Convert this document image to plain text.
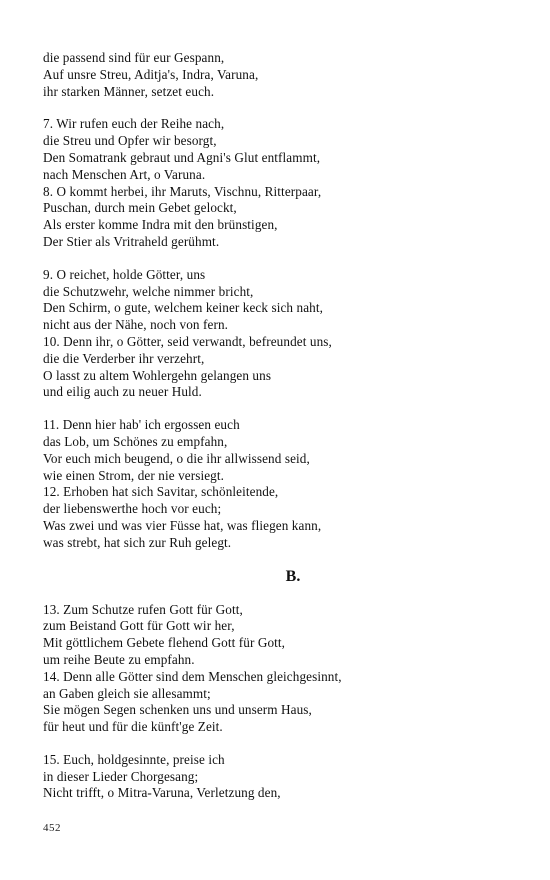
die passend sind für eur Gespann,
Auf unsre Streu, Aditja's, Indra, Varuna,
ihr starken Männer, setzet euch.
7. Wir rufen euch der Reihe nach,
die Streu und Opfer wir besorgt,
Den Somatrank gebraut und Agni's Glut entflammt,
nach Menschen Art, o Varuna.
8. O kommt herbei, ihr Maruts, Vischnu, Ritterpaar,
Puschan, durch mein Gebet gelockt,
Als erster komme Indra mit den brünstigen,
Der Stier als Vritraheld gerühmt.
9. O reichet, holde Götter, uns
die Schutzwehr, welche nimmer bricht,
Den Schirm, o gute, welchem keiner keck sich naht,
nicht aus der Nähe, noch von fern.
10. Denn ihr, o Götter, seid verwandt, befreundet uns,
die die Verderber ihr verzehrt,
O lasst zu altem Wohlergehn gelangen uns
und eilig auch zu neuer Huld.
11. Denn hier hab' ich ergossen euch
das Lob, um Schönes zu empfahn,
Vor euch mich beugend, o die ihr allwissend seid,
wie einen Strom, der nie versiegt.
12. Erhoben hat sich Savitar, schönleitende,
der liebenswerthe hoch vor euch;
Was zwei und was vier Füsse hat, was fliegen kann,
was strebt, hat sich zur Ruh gelegt.
B.
13. Zum Schutze rufen Gott für Gott,
zum Beistand Gott für Gott wir her,
Mit göttlichem Gebete flehend Gott für Gott,
um reihe Beute zu empfahn.
14. Denn alle Götter sind dem Menschen gleichgesinnt,
an Gaben gleich sie allesammt;
Sie mögen Segen schenken uns und unserm Haus,
für heut und für die künft'ge Zeit.
15. Euch, holdgesinnte, preise ich
in dieser Lieder Chorgesang;
Nicht trifft, o Mitra-Varuna, Verletzung den,
452
